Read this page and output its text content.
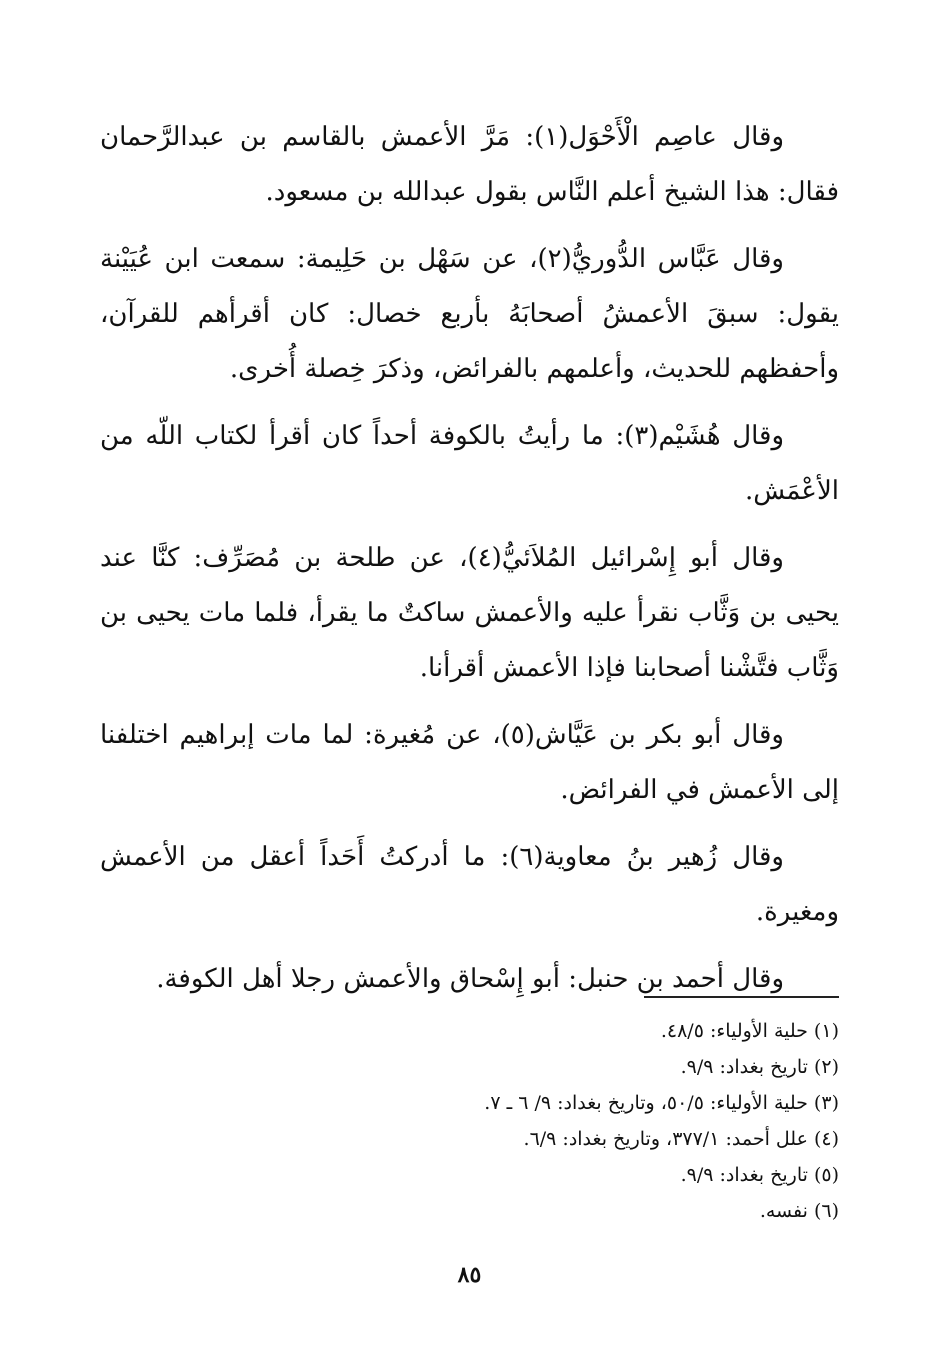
وقال عاصِم الْأَحْوَل(١): مَرَّ الأعمش بالقاسم بن عبدالرَّحمان فقال: هذا الشيخ أعلم النَّاس بقول عبدالله بن مسعود.

وقال عَبَّاس الدُّوريُّ(٢)، عن سَهْل بن حَلِيمة: سمعت ابن عُيَيْنة يقول: سبقَ الأعمشُ أصحابَهُ بأربع خصال: كان أقرأهم للقرآن، وأحفظهم للحديث، وأعلمهم بالفرائض، وذكرَ خِصلة أُخرى.

وقال هُشَيْم(٣): ما رأيتُ بالكوفة أحداً كان أقرأ لكتاب اللّه من الأعْمَش.

وقال أبو إِسْرائيل المُلاَئيُّ(٤)، عن طلحة بن مُصَرِّف: كنَّا عند يحيى بن وَثَّاب نقرأ عليه والأعمش ساكتٌ ما يقرأ، فلما مات يحيى بن وَثَّاب فتَّشْنا أصحابنا فإذا الأعمش أقرأنا.

وقال أبو بكر بن عَيَّاش(٥)، عن مُغيرة: لما مات إبراهيم اختلفنا إلى الأعمش في الفرائض.

وقال زُهير بنُ معاوية(٦): ما أدركتُ أَحَداً أعقل من الأعمش ومغيرة.

وقال أحمد بن حنبل: أبو إِسْحاق والأعمش رجلا أهل الكوفة.

(١) حلية الأولياء: ٤٨/٥.
(٢) تاريخ بغداد: ٩/٩.
(٣) حلية الأولياء: ٥٠/٥، وتاريخ بغداد: ٩/ ٦ ـ ٧.
(٤) علل أحمد: ٣٧٧/١، وتاريخ بغداد: ٦/٩.
(٥) تاريخ بغداد: ٩/٩.
(٦) نفسه.
٨٥
